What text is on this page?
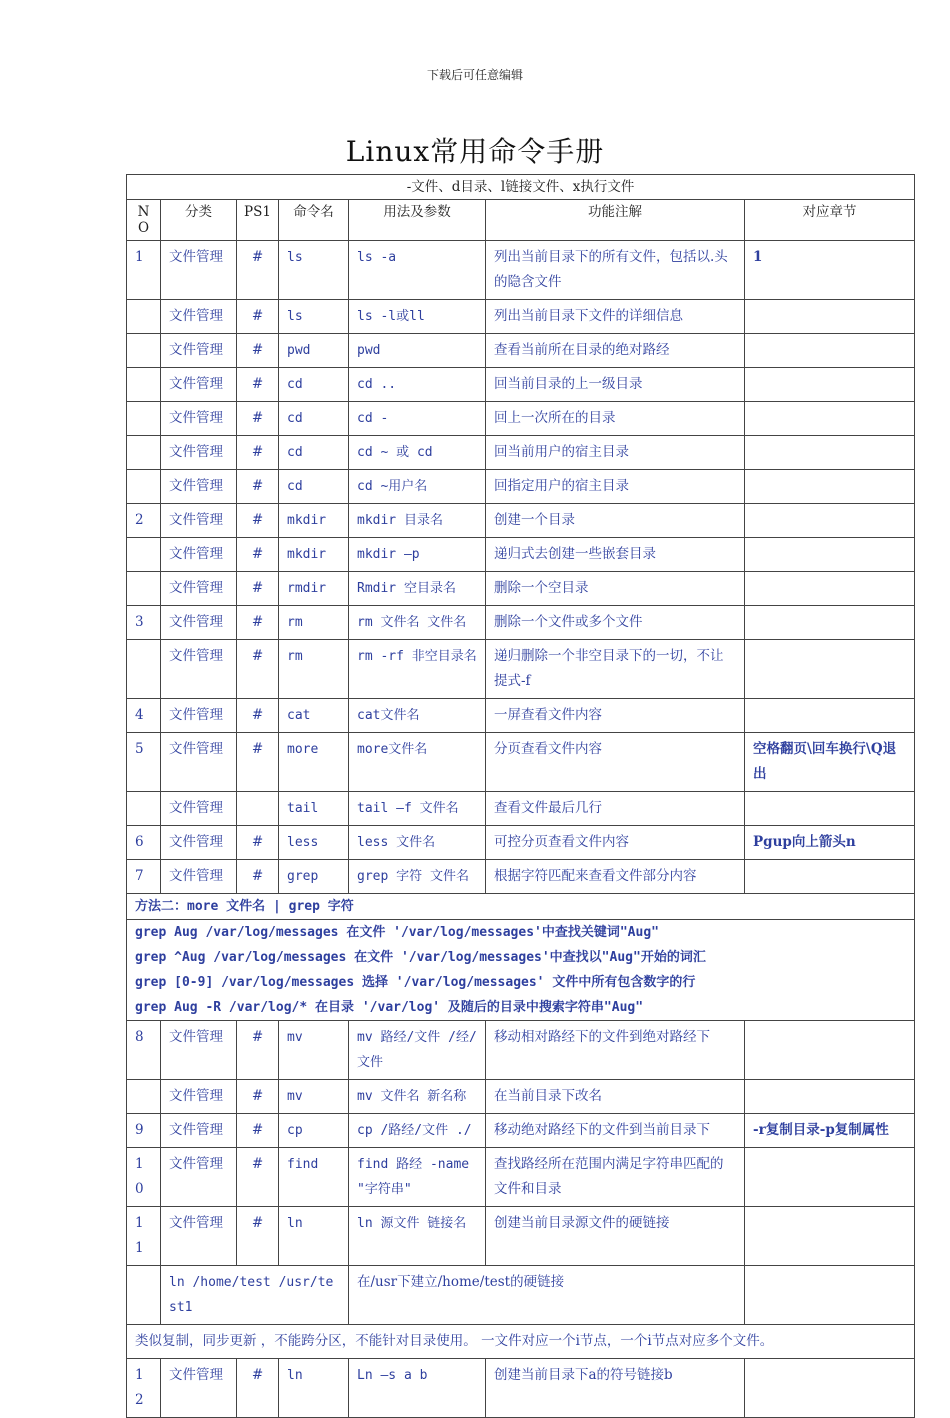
下载后可任意编辑
Linux常用命令手册
-文件、d目录、l链接文件、x执行文件						
NO	分类	PS1	命令名	用法及参数	功能注解	对应章节
1	文件管理	#	ls	ls -a	列出当前目录下的所有文件，包括以.头的隐含文件	1
	文件管理	#	ls	ls -l或ll	列出当前目录下文件的详细信息	
	文件管理	#	pwd	pwd	查看当前所在目录的绝对路经	
	文件管理	#	cd	cd ..	回当前目录的上一级目录	
	文件管理	#	cd	cd -	回上一次所在的目录	
	文件管理	#	cd	cd ~ 或 cd	回当前用户的宿主目录	
	文件管理	#	cd	cd ~用户名	回指定用户的宿主目录	
2	文件管理	#	mkdir	mkdir 目录名	创建一个目录	
	文件管理	#	mkdir	mkdir –p	递归式去创建一些嵌套目录	
	文件管理	#	rmdir	Rmdir 空目录名	删除一个空目录	
3	文件管理	#	rm	rm 文件名 文件名	删除一个文件或多个文件	
	文件管理	#	rm	rm -rf 非空目录名	递归删除一个非空目录下的一切，不让提式-f	
4	文件管理	#	cat	cat文件名	一屏查看文件内容	
5	文件管理	#	more	more文件名	分页查看文件内容	空格翻页\回车换行\Q退出
	文件管理		tail	tail –f 文件名	查看文件最后几行	
6	文件管理	#	less	less 文件名	可控分页查看文件内容	Pgup向上箭头n
7	文件管理	#	grep	grep 字符 文件名	根据字符匹配来查看文件部分内容	
方法二：more 文件名 | grep 字符						

grep Aug /var/log/messages 在文件 '/var/log/messages'中查找关键词"Aug"
grep ^Aug /var/log/messages 在文件 '/var/log/messages'中查找以"Aug"开始的词汇
grep [0-9] /var/log/messages 选择 '/var/log/messages' 文件中所有包含数字的行
grep Aug -R /var/log/* 在目录 '/var/log' 及随后的目录中搜索字符串"Aug"						

8	文件管理	#	mv	mv 路经/文件 /经/文件	移动相对路经下的文件到绝对路经下	
	文件管理	#	mv	mv 文件名 新名称	在当前目录下改名	
9	文件管理	#	cp	cp /路经/文件 ./	移动绝对路经下的文件到当前目录下	-r复制目录-p复制属性
10	文件管理	#	find	find 路经 -name "字符串"	查找路经所在范围内满足字符串匹配的文件和目录	
11	文件管理	#	ln	ln 源文件 链接名	创建当前目录源文件的硬链接	
	ln /home/test /usr/test1			在/usr下建立/home/test的硬链接		
类似复制，同步更新 ，不能跨分区，不能针对目录使用。 一文件对应一个i节点，一个i节点对应多个文件。						
12	文件管理	#	ln	Ln –s a b	创建当前目录下a的符号链接b	
